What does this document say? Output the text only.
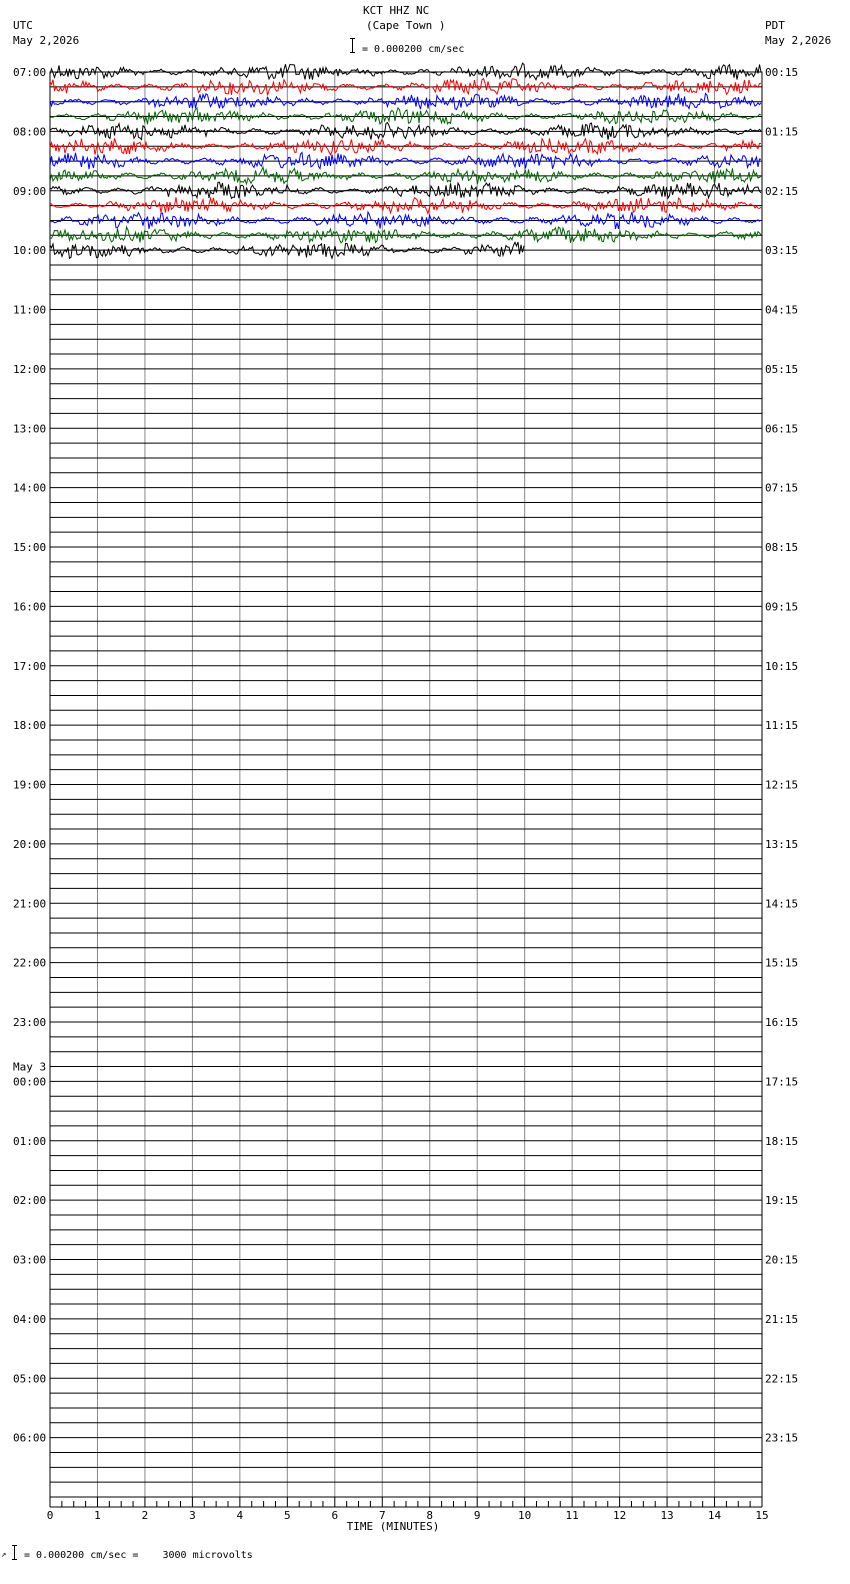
KCT HHZ NC
(Cape Town )
= 0.000200 cm/sec
UTC
May 2,2026
PDT
May 2,2026
07:00
08:00
09:00
10:00
11:00
12:00
13:00
14:00
15:00
16:00
17:00
18:00
19:00
20:00
21:00
22:00
23:00
00:00
01:00
02:00
03:00
04:00
05:00
06:00
00:15
01:15
02:15
03:15
04:15
05:15
06:15
07:15
08:15
09:15
10:15
11:15
12:15
13:15
14:15
15:15
16:15
17:15
18:15
19:15
20:15
21:15
22:15
23:15
May 3
0	1	2	3	4	5	6	7	8	9	10	11	12	13	14	15
TIME (MINUTES)
↗ = 0.000200 cm/sec =    3000 microvolts
